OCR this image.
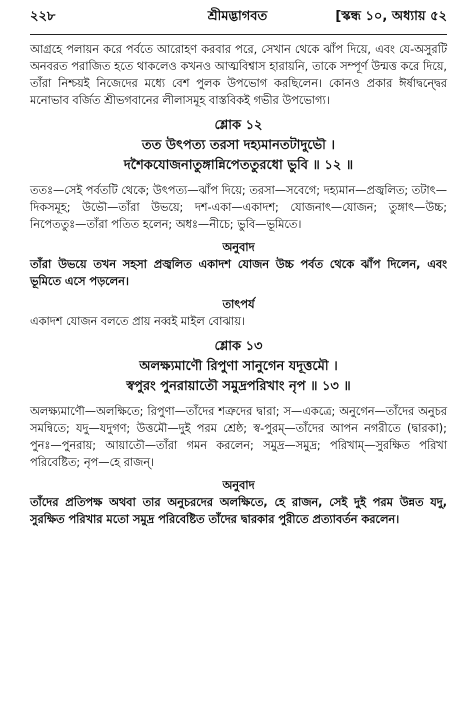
২২৮	শ্রীমদ্ভাগবত	[স্কন্ধ ১০, অধ্যায় ৫২

আগ্রহে পলায়ন করে পর্বতে আরোহণ করবার পরে, সেখান থেকে ঝাঁপ দিয়ে, এবং যে-অসুরটি অনবরত পরাজিত হতে থাকলেও কখনও আত্মবিশ্বাস হারায়নি, তাকে সম্পূর্ণ উন্মত্ত করে দিয়ে, তাঁরা নিশ্চয়ই নিজেদের মধ্যে বেশ পুলক উপভোগ করছিলেন। কোনও প্রকার ঈর্ষাদ্বন্দ্বের মনোভাব বর্জিত শ্রীভগবানের লীলাসমূহ বাস্তবিকই গভীর উপভোগ্য।

শ্লোক ১২
তত উৎপত্য তরসা দহ্যমানতটাদুভৌ ।
দশৈকযোজনাতুঙ্গান্নিপেততুরধো ভুবি ॥ ১২ ॥

ততঃ—সেই পর্বতটি থেকে; উৎপত্য—ঝাঁপ দিয়ে; তরসা—সবেগে; দহ্যমান—প্রজ্বলিত; তটাৎ—দিকসমূহ; উভৌ—তাঁরা উভয়ে; দশ-একা—একাদশ; যোজনাৎ—যোজন; তুঙ্গাৎ—উচ্চ; নিপেততুঃ—তাঁরা পতিত হলেন; অধঃ—নীচে; ভুবি—ভূমিতে।

অনুবাদ

তাঁরা উভয়ে তখন সহসা প্রজ্বলিত একাদশ যোজন উচ্চ পর্বত থেকে ঝাঁপ দিলেন, এবং ভূমিতে এসে পড়লেন।

তাৎপর্য

একাদশ যোজন বলতে প্রায় নব্বই মাইল বোঝায়।

শ্লোক ১৩
অলক্ষ্যমাণৌ রিপুণা সানুগেন যদূত্তমৌ ।
স্বপুরং পুনরায়াতৌ সমুদ্রপরিখাং নৃপ ॥ ১৩ ॥

অলক্ষ্যমাণৌ—অলক্ষিতে; রিপুণা—তাঁদের শত্রুদের দ্বারা; স—একত্রে; অনুগেন—তাঁদের অনুচর সমন্বিতে; যদু—যদুগণ; উত্তমৌ—দুই পরম শ্রেষ্ঠ; স্ব-পুরম্—তাঁদের আপন নগরীতে (দ্বারকা); পুনঃ—পুনরায়; আয়াতৌ—তাঁরা গমন করলেন; সমুদ্র—সমুদ্র; পরিখাম্—সুরক্ষিত পরিখা পরিবেষ্টিত; নৃপ—হে রাজন্।

অনুবাদ

তাঁদের প্রতিপক্ষ অথবা তার অনুচরদের অলক্ষিতে, হে রাজন, সেই দুই পরম উন্নত যদু, সুরক্ষিত পরিখার মতো সমুদ্র পরিবেষ্টিত তাঁদের দ্বারকার পুরীতে প্রত্যাবর্তন করলেন।
